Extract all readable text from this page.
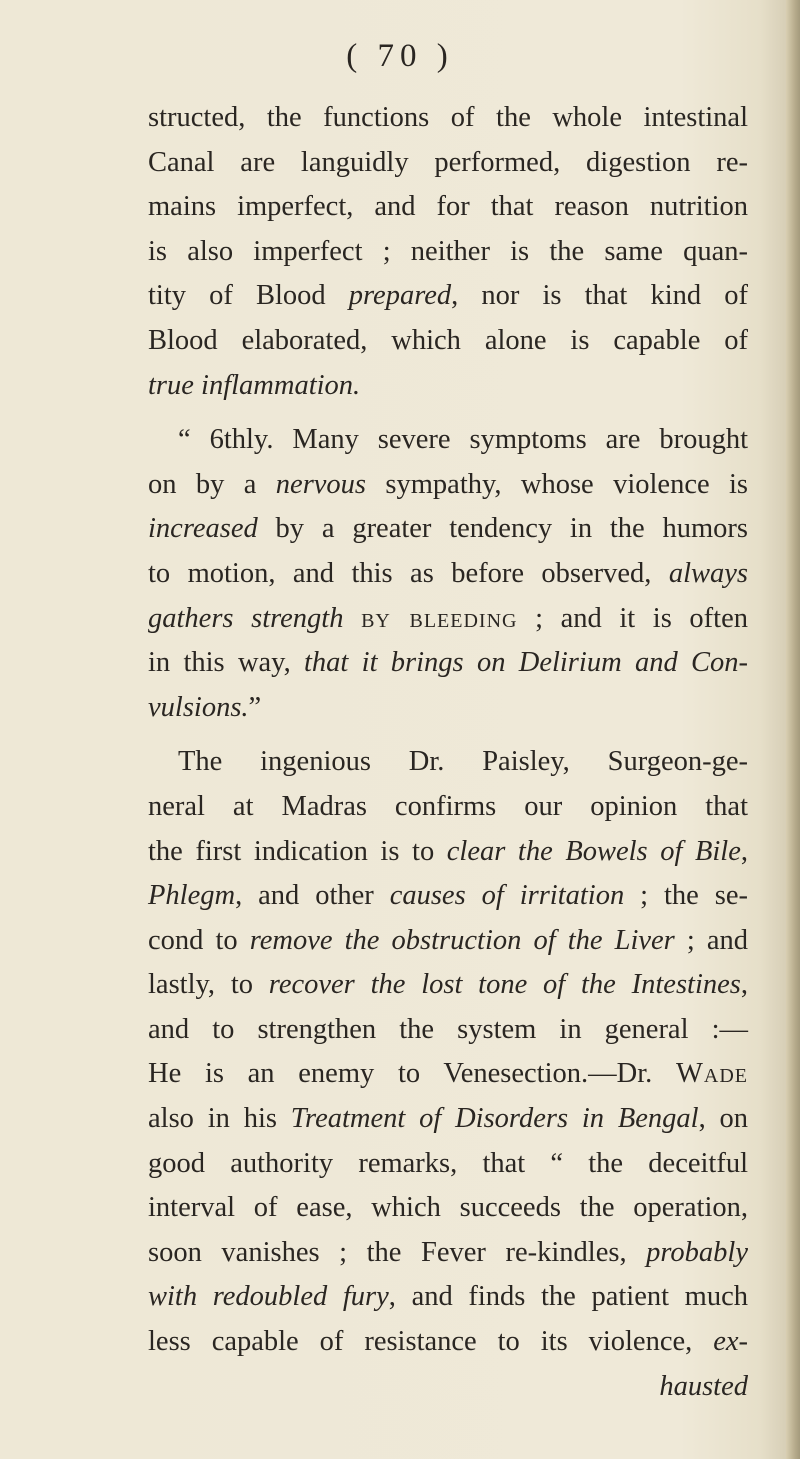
( 70 )
structed, the functions of the whole intestinal
Canal are languidly performed, digestion re-
mains imperfect, and for that reason nutrition
is also imperfect ; neither is the same quan-
tity of Blood prepared, nor is that kind of
Blood elaborated, which alone is capable of
true inflammation.
“ 6thly. Many severe symptoms are brought
on by a nervous sympathy, whose violence is
increased by a greater tendency in the humors
to motion, and this as before observed, always
gathers strength by bleeding ; and it is often
in this way, that it brings on Delirium and Con-
vulsions.”
The ingenious Dr. Paisley, Surgeon-ge-
neral at Madras confirms our opinion that
the first indication is to clear the Bowels of Bile,
Phlegm, and other causes of irritation ; the se-
cond to remove the obstruction of the Liver ; and
lastly, to recover the lost tone of the Intestines,
and to strengthen the system in general :—
He is an enemy to Venesection.—Dr. Wade
also in his Treatment of Disorders in Bengal, on
good authority remarks, that “ the deceitful
interval of ease, which succeeds the operation,
soon vanishes ; the Fever re-kindles, probably
with redoubled fury, and finds the patient much
less capable of resistance to its violence, ex-
hausted
